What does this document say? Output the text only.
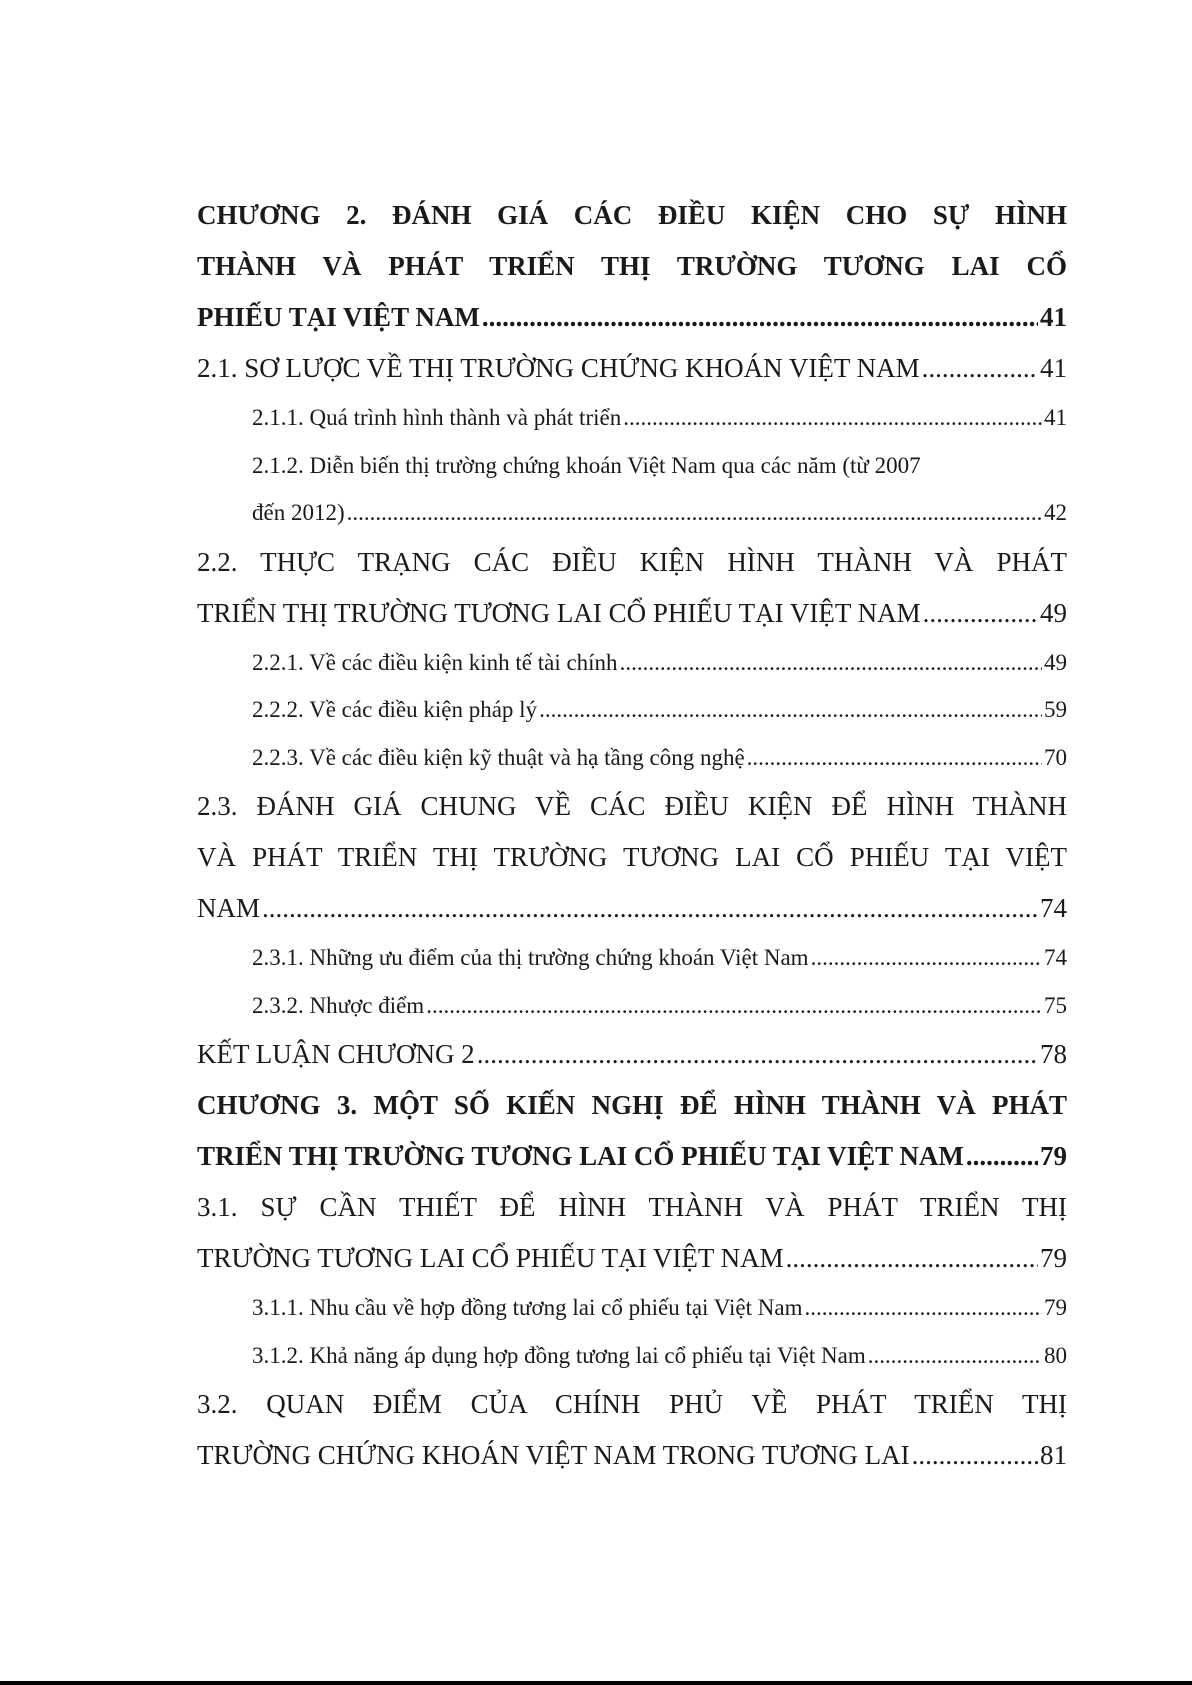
CHƯƠNG 2. ĐÁNH GIÁ CÁC ĐIỀU KIỆN CHO SỰ HÌNH
THÀNH VÀ PHÁT TRIỂN THỊ TRƯỜNG TƯƠNG LAI CỔ
PHIẾU TẠI VIỆT NAM .....	41
2.1. SƠ LƯỢC VỀ THỊ TRƯỜNG CHỨNG KHOÁN VIỆT NAM .....	41
2.1.1. Quá trình hình thành và phát triển .....	41
2.1.2. Diễn biến thị trường chứng khoán Việt Nam qua các năm (từ 2007
đến 2012) .....	42
2.2. THỰC TRẠNG CÁC ĐIỀU KIỆN HÌNH THÀNH VÀ PHÁT
TRIỂN THỊ TRƯỜNG TƯƠNG LAI CỔ PHIẾU TẠI VIỆT NAM .....	49
2.2.1. Về các điều kiện kinh tế tài chính .....	49
2.2.2. Về các điều kiện pháp lý .....	59
2.2.3. Về các điều kiện kỹ thuật và hạ tầng công nghệ .....	70
2.3. ĐÁNH GIÁ CHUNG VỀ CÁC ĐIỀU KIỆN ĐỂ HÌNH THÀNH
VÀ PHÁT TRIỂN THỊ TRƯỜNG TƯƠNG LAI CỔ PHIẾU TẠI VIỆT
NAM .....	74
2.3.1. Những ưu điểm của thị trường chứng khoán Việt Nam .....	74
2.3.2. Nhược điểm .....	75
KẾT LUẬN CHƯƠNG 2 .....	78
CHƯƠNG 3. MỘT SỐ KIẾN NGHỊ ĐỂ HÌNH THÀNH VÀ PHÁT
TRIỂN THỊ TRƯỜNG TƯƠNG LAI CỔ PHIẾU TẠI VIỆT NAM .....	79
3.1. SỰ CẦN THIẾT ĐỂ HÌNH THÀNH VÀ PHÁT TRIỂN THỊ
TRƯỜNG TƯƠNG LAI CỔ PHIẾU TẠI VIỆT NAM .....	79
3.1.1. Nhu cầu về hợp đồng tương lai cổ phiếu tại Việt Nam .....	79
3.1.2. Khả năng áp dụng hợp đồng tương lai cổ phiếu tại Việt Nam .....	80
3.2. QUAN ĐIỂM CỦA CHÍNH PHỦ VỀ PHÁT TRIỂN THỊ
TRƯỜNG CHỨNG KHOÁN VIỆT NAM TRONG TƯƠNG LAI .....	81
